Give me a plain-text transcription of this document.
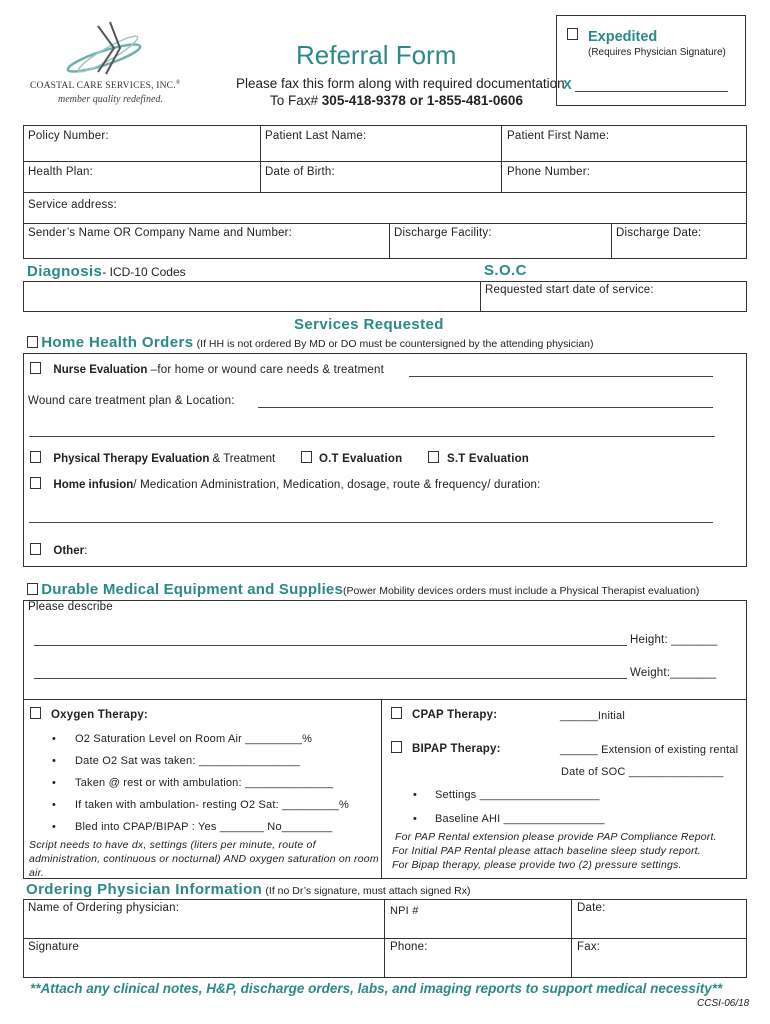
COASTAL CARE SERVICES, INC.®
member quality redefined.
Referral Form
Please fax this form along with required documentation
To Fax# 305-418-9378 or 1-855-481-0606
Expedited
(Requires Physician Signature)
X
Policy Number:	Patient Last Name:	Patient First Name:
Health Plan:	Date of Birth:	Phone Number:
Service address:
Sender’s Name OR Company Name and Number:	Discharge Facility:	Discharge Date:
Diagnosis- ICD-10 Codes	S.O.C
Requested start date of service:
Services Requested
Home Health Orders (If HH is not ordered By MD or DO must be countersigned by the attending physician)
Nurse Evaluation –for home or wound care needs & treatment
Wound care treatment plan & Location:
Physical Therapy Evaluation & Treatment	O.T Evaluation	S.T Evaluation
Home infusion/ Medication Administration, Medication, dosage, route & frequency/ duration:
Other:
Durable Medical Equipment and Supplies(Power Mobility devices orders must include a Physical Therapist evaluation)
Please describe
Height: _______
Weight:_______
Oxygen Therapy:
• O2 Saturation Level on Room Air _________%
• Date O2 Sat was taken: ________________
• Taken @ rest or with ambulation: ______________
• If taken with ambulation- resting O2 Sat: _________%
• Bled into CPAP/BIPAP : Yes _______ No________
Script needs to have dx, settings (liters per minute, route of administration, continuous or nocturnal) AND oxygen saturation on room air.
CPAP Therapy:	______Initial
BIPAP Therapy:	______ Extension of existing rental
Date of SOC _______________
• Settings ___________________
• Baseline AHI ________________
For PAP Rental extension please provide PAP Compliance Report.
For Initial PAP Rental please attach baseline sleep study report.
For Bipap therapy, please provide two (2) pressure settings.
Ordering Physician Information (If no Dr’s signature, must attach signed Rx)
Name of Ordering physician:	NPI #	Date:
Signature	Phone:	Fax:
**Attach any clinical notes, H&P, discharge orders, labs, and imaging reports to support medical necessity**
CCSI-06/18
